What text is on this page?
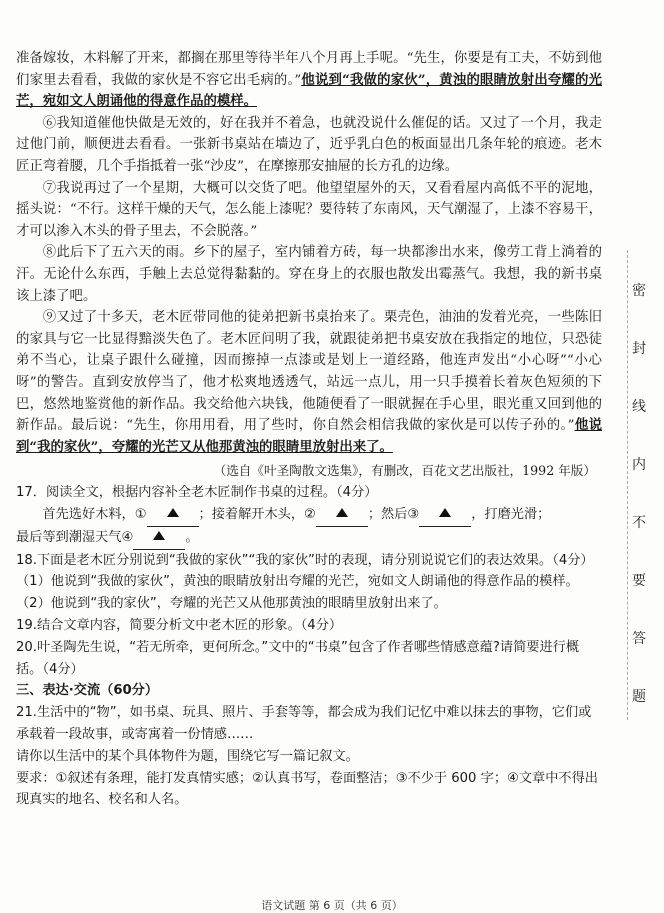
准备嫁妆，木料解了开来，都搁在那里等待半年八个月再上手呢。“先生，你要是有工夫，不妨到他们家里去看看，我做的家伙是不容它出毛病的。”他说到“我做的家伙”，黄浊的眼睛放射出夸耀的光芒，宛如文人朗诵他的得意作品的模样。

⑥我知道催他快做是无效的，好在我并不着急，也就没说什么催促的话。又过了一个月，我走过他门前，顺便进去看看。一张新书桌站在墙边了，近乎乳白色的板面显出几条年轮的痕迹。老木匠正弯着腰，几个手指抵着一张“沙皮”，在摩擦那安抽屉的长方孔的边缘。

⑦我说再过了一个星期，大概可以交货了吧。他望望屋外的天，又看看屋内高低不平的泥地，摇头说：“不行。这样干燥的天气，怎么能上漆呢？要待转了东南风，天气潮湿了，上漆不容易干，才可以渗入木头的骨子里去，不会脱落。”

⑧此后下了五六天的雨。乡下的屋子，室内铺着方砖，每一块都渗出水来，像劳工背上淌着的汗。无论什么东西，手触上去总觉得黏黏的。穿在身上的衣服也散发出霉蒸气。我想，我的新书桌该上漆了吧。

⑨又过了十多天，老木匠带同他的徒弟把新书桌抬来了。栗壳色，油油的发着光亮，一些陈旧的家具与它一比显得黯淡失色了。老木匠问明了我，就跟徒弟把书桌安放在我指定的地位，只恐徒弟不当心，让桌子跟什么碰撞，因而擦掉一点漆或是划上一道经路，他连声发出“小心呀”“小心呀”的警告。直到安放停当了，他才松爽地透透气，站远一点儿，用一只手摸着长着灰色短须的下巴，悠然地鉴赏他的新作品。我交给他六块钱，他随便看了一眼就握在手心里，眼光重又回到他的新作品。最后说：“先生，你用用看，用了些时，你自然会相信我做的家伙是可以传子孙的。”他说到“我的家伙”，夸耀的光芒又从他那黄浊的眼睛里放射出来了。

（选自《叶圣陶散文选集》，有删改，百花文艺出版社，1992 年版）

17．阅读全文，根据内容补全老木匠制作书桌的过程。（4分）

首先选好木料，①	；接着解开木头，②	；然后③	，打磨光滑；

最后等到潮湿天气④	。

18.下面是老木匠分别说到“我做的家伙”“我的家伙”时的表现，请分别说说它们的表达效果。（4分）

（1）他说到“我做的家伙”，黄浊的眼睛放射出夸耀的光芒，宛如文人朗诵他的得意作品的模样。

（2）他说到“我的家伙”，夸耀的光芒又从他那黄浊的眼睛里放射出来了。

19.结合文章内容，简要分析文中老木匠的形象。（4分）

20.叶圣陶先生说，“若无所牵，更何所念。”文中的“书桌”包含了作者哪些情感意蕴?请简要进行概括。（4分）

三、表达·交流（60分）

21.生活中的“物”，如书桌、玩具、照片、手套等等，都会成为我们记忆中难以抹去的事物，它们或承载着一段故事，或寄寓着一份情感……

请你以生活中的某个具体物件为题，围绕它写一篇记叙文。

要求：①叙述有条理，能打发真情实感；②认真书写，卷面整洁；③不少于 600 字；④文章中不得出现真实的地名、校名和人名。

密
封
线
内
不
要
答
题
语文试题 第 6 页（共 6 页）
